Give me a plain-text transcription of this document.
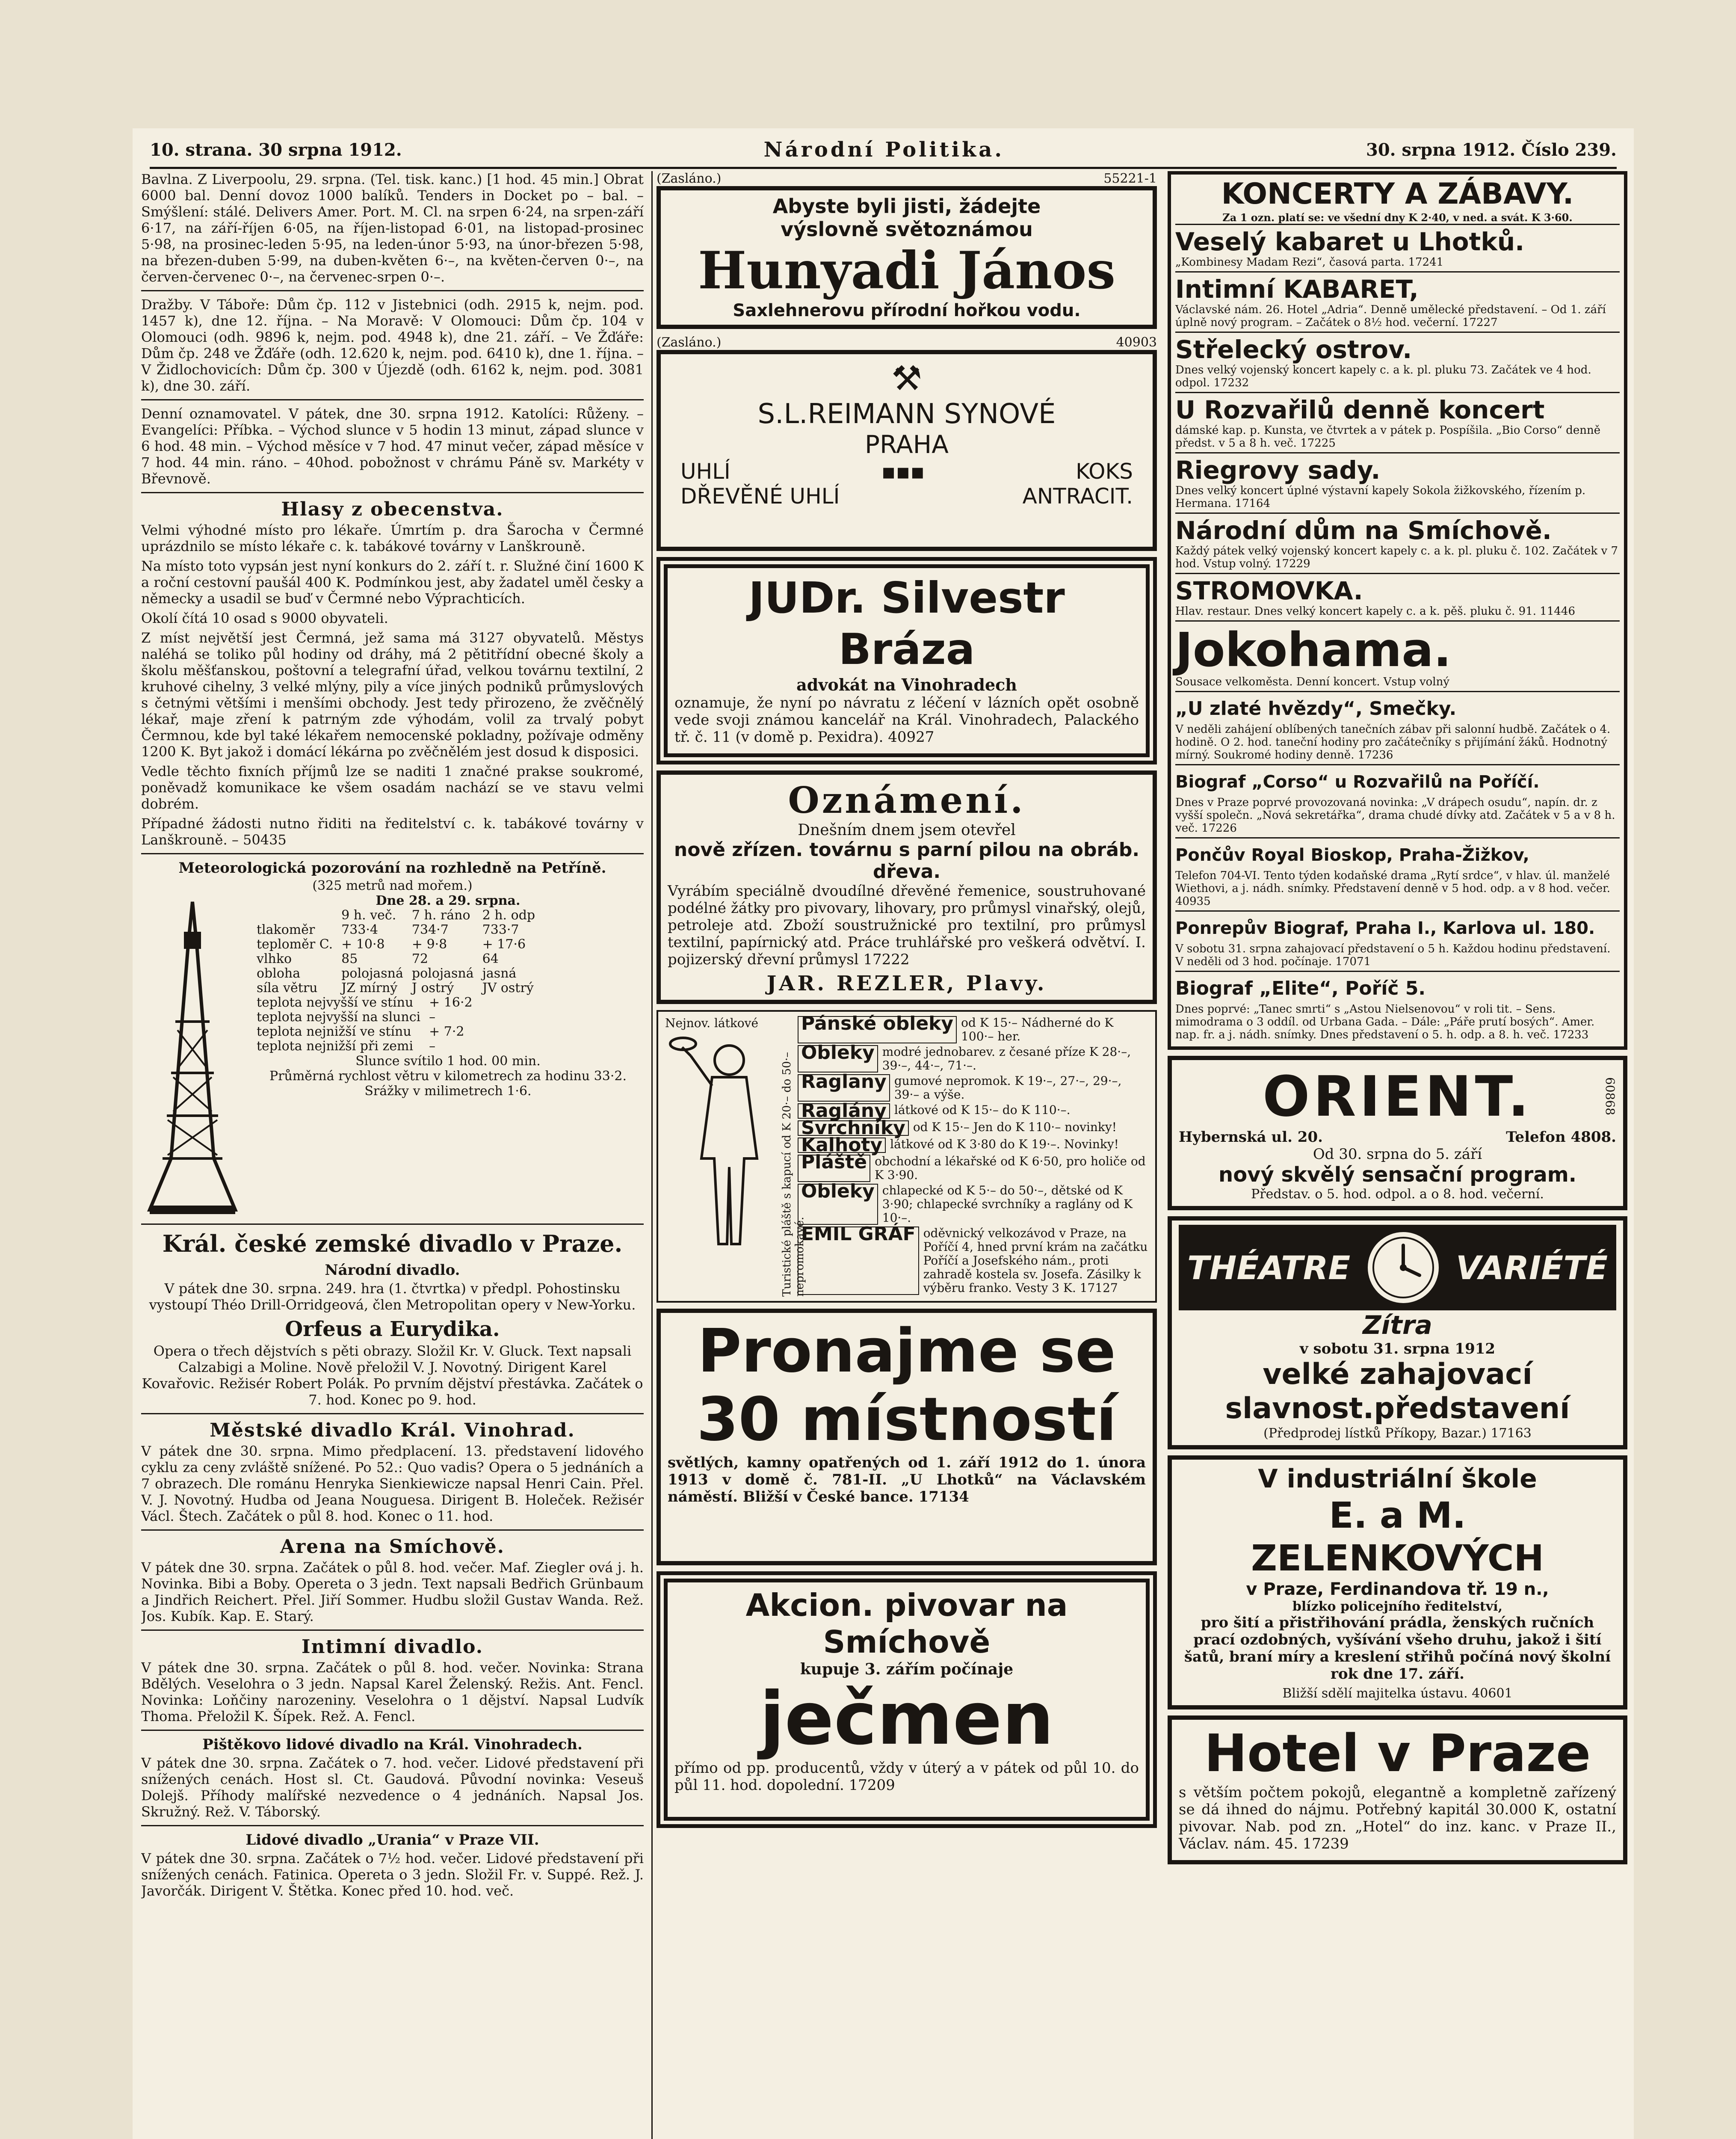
10. strana. 30 srpna 1912.	Národní Politika.	30. srpna 1912. Číslo 239.

Bavlna. Z Liverpoolu, 29. srpna. (Tel. tisk. kanc.) [1 hod. 45 min.] Obrat 6000 bal. Denní dovoz 1000 balíků. Tenders in Docket po – bal. – Smýšlení: stálé. Delivers Amer. Port. M. Cl. na srpen 6·24, na srpen-září 6·17, na září-říjen 6·05, na říjen-listopad 6·01, na listopad-prosinec 5·98, na prosinec-leden 5·95, na leden-únor 5·93, na únor-březen 5·98, na březen-duben 5·99, na duben-květen 6·–, na květen-červen 0·–, na červen-červenec 0·–, na červenec-srpen 0·–.

Dražby. V Táboře: Dům čp. 112 v Jistebnici (odh. 2915 k, nejm. pod. 1457 k), dne 12. října. – Na Moravě: V Olomouci: Dům čp. 104 v Olomouci (odh. 9896 k, nejm. pod. 4948 k), dne 21. září. – Ve Žďáře: Dům čp. 248 ve Žďáře (odh. 12.620 k, nejm. pod. 6410 k), dne 1. října. – V Židlochovicích: Dům čp. 300 v Újezdě (odh. 6162 k, nejm. pod. 3081 k), dne 30. září.

Denní oznamovatel. V pátek, dne 30. srpna 1912. Katolíci: Růženy. – Evangelíci: Příbka. – Východ slunce v 5 hodin 13 minut, západ slunce v 6 hod. 48 min. – Východ měsíce v 7 hod. 47 minut večer, západ měsíce v 7 hod. 44 min. ráno. – 40hod. pobožnost v chrámu Páně sv. Markéty v Břevnově.

Hlasy z obecenstva.

Velmi výhodné místo pro lékaře. Úmrtím p. dra Šarocha v Čermné uprázdnilo se místo lékaře c. k. tabákové továrny v Lanškrouně.

Na místo toto vypsán jest nyní konkurs do 2. září t. r. Služné činí 1600 K a roční cestovní paušál 400 K. Podmínkou jest, aby žadatel uměl česky a německy a usadil se buď v Čermné nebo Výprachticích.

Okolí čítá 10 osad s 9000 obyvateli.

Z míst největší jest Čermná, jež sama má 3127 obyvatelů. Městys naléhá se toliko půl hodiny od dráhy, má 2 pětitřídní obecné školy a školu měšťanskou, poštovní a telegrafní úřad, velkou továrnu textilní, 2 kruhové cihelny, 3 velké mlýny, pily a více jiných podniků průmyslových s četnými většími i menšími obchody. Jest tedy přirozeno, že zvěčnělý lékař, maje zření k patrným zde výhodám, volil za trvalý pobyt Čermnou, kde byl také lékařem nemocenské pokladny, požívaje odměny 1200 K. Byt jakož i domácí lékárna po zvěčnělém jest dosud k disposici.

Vedle těchto fixních příjmů lze se naditi 1 značné prakse soukromé, poněvadž komunikace ke všem osadám nachází se ve stavu velmi dobrém.

Případné žádosti nutno řiditi na ředitelství c. k. tabákové továrny v Lanškrouně. – 50435

Meteorologická pozorování na rozhledně na Petříně.
(325 metrů nad mořem.)
Dne 28. a 29. srpna.
	9 h. več.	7 h. ráno	2 h. odp
tlakoměr	733·4	734·7	733·7
teploměr C.	+ 10·8	+ 9·8	+ 17·6
vlhko	85	72	64
obloha	polojasná	polojasná	jasná
síla větru	JZ mírný	J ostrý	JV ostrý
teplota nejvyšší ve stínu	+ 16·2
teplota nejvyšší na slunci	–
teplota nejnižší ve stínu	+ 7·2
teplota nejnižší při zemi	–
Slunce svítilo 1 hod. 00 min.
Průměrná rychlost větru v kilometrech za hodinu 33·2.
Srážky v milimetrech 1·6.
Král. české zemské divadlo v Praze.
Národní divadlo.

V pátek dne 30. srpna. 249. hra (1. čtvrtka) v předpl. Pohostinsku vystoupí Théo Drill-Orridgeová, člen Metropolitan opery v New-Yorku.

Orfeus a Eurydika.

Opera o třech dějstvích s pěti obrazy. Složil Kr. V. Gluck. Text napsali Calzabigi a Moline. Nově přeložil V. J. Novotný. Dirigent Karel Kovařovic. Režisér Robert Polák. Po prvním dějství přestávka. Začátek o 7. hod. Konec po 9. hod.

Městské divadlo Král. Vinohrad.

V pátek dne 30. srpna. Mimo předplacení. 13. představení lidového cyklu za ceny zvláště snížené. Po 52.: Quo vadis? Opera o 5 jednáních a 7 obrazech. Dle románu Henryka Sienkiewicze napsal Henri Cain. Přel. V. J. Novotný. Hudba od Jeana Nouguesa. Dirigent B. Holeček. Režisér Václ. Štech. Začátek o půl 8. hod. Konec o 11. hod.

Arena na Smíchově.

V pátek dne 30. srpna. Začátek o půl 8. hod. večer. Maf. Ziegler ová j. h. Novinka. Bibi a Boby. Opereta o 3 jedn. Text napsali Bedřich Grünbaum a Jindřich Reichert. Přel. Jiří Sommer. Hudbu složil Gustav Wanda. Rež. Jos. Kubík. Kap. E. Starý.

Intimní divadlo.

V pátek dne 30. srpna. Začátek o půl 8. hod. večer. Novinka: Strana Bdělých. Veselohra o 3 jedn. Napsal Karel Želenský. Režis. Ant. Fencl. Novinka: Loňčiny narozeniny. Veselohra o 1 dějství. Napsal Ludvík Thoma. Přeložil K. Šípek. Rež. A. Fencl.

Pištěkovo lidové divadlo na Král. Vinohradech.

V pátek dne 30. srpna. Začátek o 7. hod. večer. Lidové představení při snížených cenách. Host sl. Ct. Gaudová. Původní novinka: Veseuš Dolejš. Příhody malířské nezvedence o 4 jednáních. Napsal Jos. Skružný. Rež. V. Táborský.

Lidové divadlo „Urania“ v Praze VII.

V pátek dne 30. srpna. Začátek o 7½ hod. večer. Lidové představení při snížených cenách. Fatinica. Opereta o 3 jedn. Složil Fr. v. Suppé. Rež. J. Javorčák. Dirigent V. Štětka. Konec před 10. hod. več.

(Zasláno.)	55221-1
Abyste byli jisti, žádejte
výslovně světoznámou
Hunyadi János
Saxlehnerovu přírodní hořkou vodu.
(Zasláno.)	40903
⚒
S.L.REIMANN SYNOVÉ
PRAHA
UHLÍ	▪▪▪	KOKS
DŘEVĚNÉ UHLÍ	ANTRACIT.
JUDr. Silvestr Bráza
advokát na Vinohradech

oznamuje, že nyní po návratu z léčení v lázních opět osobně vede svoji známou kancelář na Král. Vinohradech, Palackého tř. č. 11 (v domě p. Pexidra). 40927

Oznámení.
Dnešním dnem jsem otevřel
nově zřízen. továrnu s parní pilou na obráb. dřeva.

Vyrábím speciálně dvoudílné dřevěné řemenice, soustruhované podélné žátky pro pivovary, lihovary, pro průmysl vinařský, olejů, petroleje atd. Zboží soustružnické pro textilní, pro průmysl textilní, papírnický atd. Práce truhlářské pro veškerá odvětví. I. pojizerský dřevní průmysl 17222

JAR. REZLER, Plavy.
Nejnov. látkové
Turistické pláště s kapucí od K 20·– do 50·– nepromokavé.
Pánské obleky od K 15·– Nádherné do K 100·– her.
Obleky modré jednobarev. z česané příze K 28·–, 39·–, 44·–, 71·–.
Raglany gumové nepromok. K 19·–, 27·–, 29·–, 39·– a výše.
Raglány látkové od K 15·– do K 110·–.
Svrchníky od K 15·– Jen do K 110·– novinky!
Kalhoty látkové od K 3·80 do K 19·–. Novinky!
Pláště obchodní a lékařské od K 6·50, pro holiče od K 3·90.
Obleky chlapecké od K 5·– do 50·–, dětské od K 3·90; chlapecké svrchníky a raglány od K 10·–.
EMIL GRÁF oděvnický velkozávod v Praze, na Poříčí 4, hned první krám na začátku Poříčí a Josefského nám., proti zahradě kostela sv. Josefa. Zásilky k výběru franko. Vesty 3 K. 17127
Pronajme se
30 místností

světlých, kamny opatřených od 1. září 1912 do 1. února 1913 v domě č. 781-II. „U Lhotků“ na Václavském náměstí. Bližší v České bance. 17134

Akcion. pivovar na Smíchově
kupuje 3. zářím počínaje
ječmen

přímo od pp. producentů, vždy v úterý a v pátek od půl 10. do půl 11. hod. dopolední. 17209

KONCERTY A ZÁBAVY.
Za 1 ozn. platí se: ve všední dny K 2·40, v ned. a svát. K 3·60.
Veselý kabaret u Lhotků.
„Kombinesy Madam Rezi“, časová parta. 17241
Intimní KABARET,
Václavské nám. 26. Hotel „Adria“. Denně umělecké představení. – Od 1. září úplně nový program. – Začátek o 8½ hod. večerní. 17227
Střelecký ostrov.
Dnes velký vojenský koncert kapely c. a k. pl. pluku 73. Začátek ve 4 hod. odpol. 17232
U Rozvařilů denně koncert
dámské kap. p. Kunsta, ve čtvrtek a v pátek p. Pospíšila. „Bio Corso“ denně předst. v 5 a 8 h. več. 17225
Riegrovy sady.
Dnes velký koncert úplné výstavní kapely Sokola žižkovského, řízením p. Hermana. 17164
Národní dům na Smíchově.
Každý pátek velký vojenský koncert kapely c. a k. pl. pluku č. 102. Začátek v 7 hod. Vstup volný. 17229
STROMOVKA.
Hlav. restaur. Dnes velký koncert kapely c. a k. pěš. pluku č. 91. 11446
Jokohama.
Sousace velkoměsta. Denní koncert. Vstup volný
„U zlaté hvězdy“, Smečky.
V neděli zahájení oblíbených tanečních zábav při salonní hudbě. Začátek o 4. hodině. O 2. hod. taneční hodiny pro začátečníky s přijímání žáků. Hodnotný mírný. Soukromé hodiny denně. 17236
Biograf „Corso“ u Rozvařilů na Poříčí.
Dnes v Praze poprvé provozovaná novinka: „V drápech osudu“, napín. dr. z vyšší společn. „Nová sekretářka“, drama chudé dívky atd. Začátek v 5 a v 8 h. več. 17226
Pončův Royal Bioskop, Praha-Žižkov,
Telefon 704-VI. Tento týden kodaňské drama „Rytí srdce“, v hlav. úl. manželé Wiethovi, a j. nádh. snímky. Představení denně v 5 hod. odp. a v 8 hod. večer. 40935
Ponrepův Biograf, Praha I., Karlova ul. 180.
V sobotu 31. srpna zahajovací představení o 5 h. Každou hodinu představení. V neděli od 3 hod. počínaje. 17071
Biograf „Elite“, Poříč 5.
Dnes poprvé: „Tanec smrti“ s „Astou Nielsenovou“ v roli tit. – Sens. mimodrama o 3 oddíl. od Urbana Gada. – Dále: „Páře prutí bosých“. Amer. nap. fr. a j. nádh. snímky. Dnes představení o 5. h. odp. a 8. h. več. 17233
ORIENT.	60868
Hybernská ul. 20.	Telefon 4808.
Od 30. srpna do 5. září
nový skvělý sensační program.
Představ. o 5. hod. odpol. a o 8. hod. večerní.
THÉATRE	VARIÉTÉ
Zítra
v sobotu 31. srpna 1912
velké zahajovací
slavnost.představení
(Předprodej lístků Příkopy, Bazar.) 17163
V industriální škole
E. a M. ZELENKOVÝCH
v Praze, Ferdinandova tř. 19 n.,
blízko policejního ředitelství,

pro šití a přistřihování prádla, ženských ručních prací ozdobných, vyšívání všeho druhu, jakož i šití šatů, braní míry a kreslení střihů počíná nový školní rok dne 17. září.

Bližší sdělí majitelka ústavu. 40601
Hotel v Praze

s větším počtem pokojů, elegantně a kompletně zařízený se dá ihned do nájmu. Potřebný kapitál 30.000 K, ostatní pivovar. Nab. pod zn. „Hotel“ do inz. kanc. v Praze II., Václav. nám. 45. 17239
